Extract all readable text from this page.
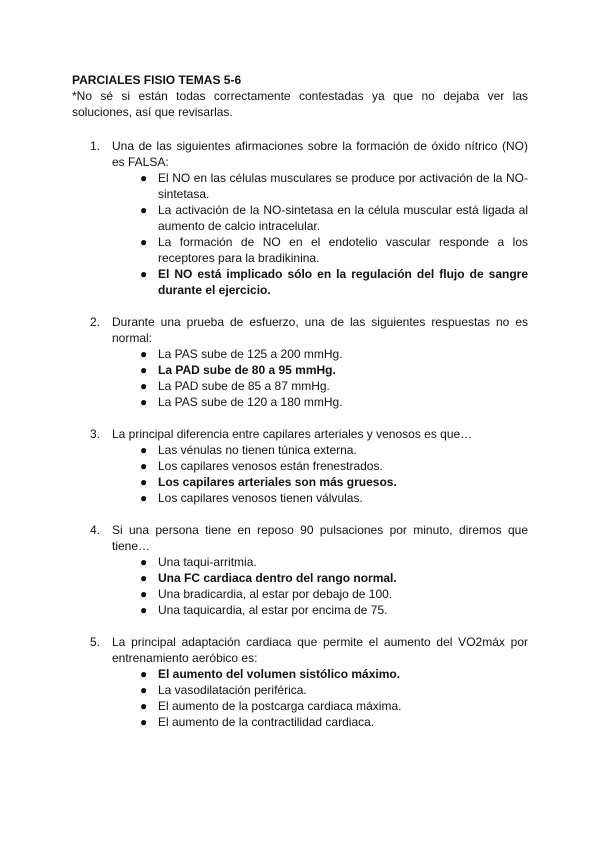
PARCIALES FISIO TEMAS 5-6
*No sé si están todas correctamente contestadas ya que no dejaba ver las soluciones, así que revisarlas.
1. Una de las siguientes afirmaciones sobre la formación de óxido nítrico (NO) es FALSA:
● El NO en las células musculares se produce por activación de la NO-sintetasa.
● La activación de la NO-sintetasa en la célula muscular está ligada al aumento de calcio intracelular.
● La formación de NO en el endotelio vascular responde a los receptores para la bradikinina.
● El NO está implicado sólo en la regulación del flujo de sangre durante el ejercicio.
2. Durante una prueba de esfuerzo, una de las siguientes respuestas no es normal:
● La PAS sube de 125 a 200 mmHg.
● La PAD sube de 80 a 95 mmHg.
● La PAD sube de 85 a 87 mmHg.
● La PAS sube de 120 a 180 mmHg.
3. La principal diferencia entre capilares arteriales y venosos es que…
● Las vénulas no tienen túnica externa.
● Los capilares venosos están frenestrados.
● Los capilares arteriales son más gruesos.
● Los capilares venosos tienen válvulas.
4. Si una persona tiene en reposo 90 pulsaciones por minuto, diremos que tiene…
● Una taqui-arritmia.
● Una FC cardiaca dentro del rango normal.
● Una bradicardia, al estar por debajo de 100.
● Una taquicardia, al estar por encima de 75.
5. La principal adaptación cardiaca que permite el aumento del VO2máx por entrenamiento aeróbico es:
● El aumento del volumen sistólico máximo.
● La vasodilatación periférica.
● El aumento de la postcarga cardiaca máxima.
● El aumento de la contractilidad cardiaca.
